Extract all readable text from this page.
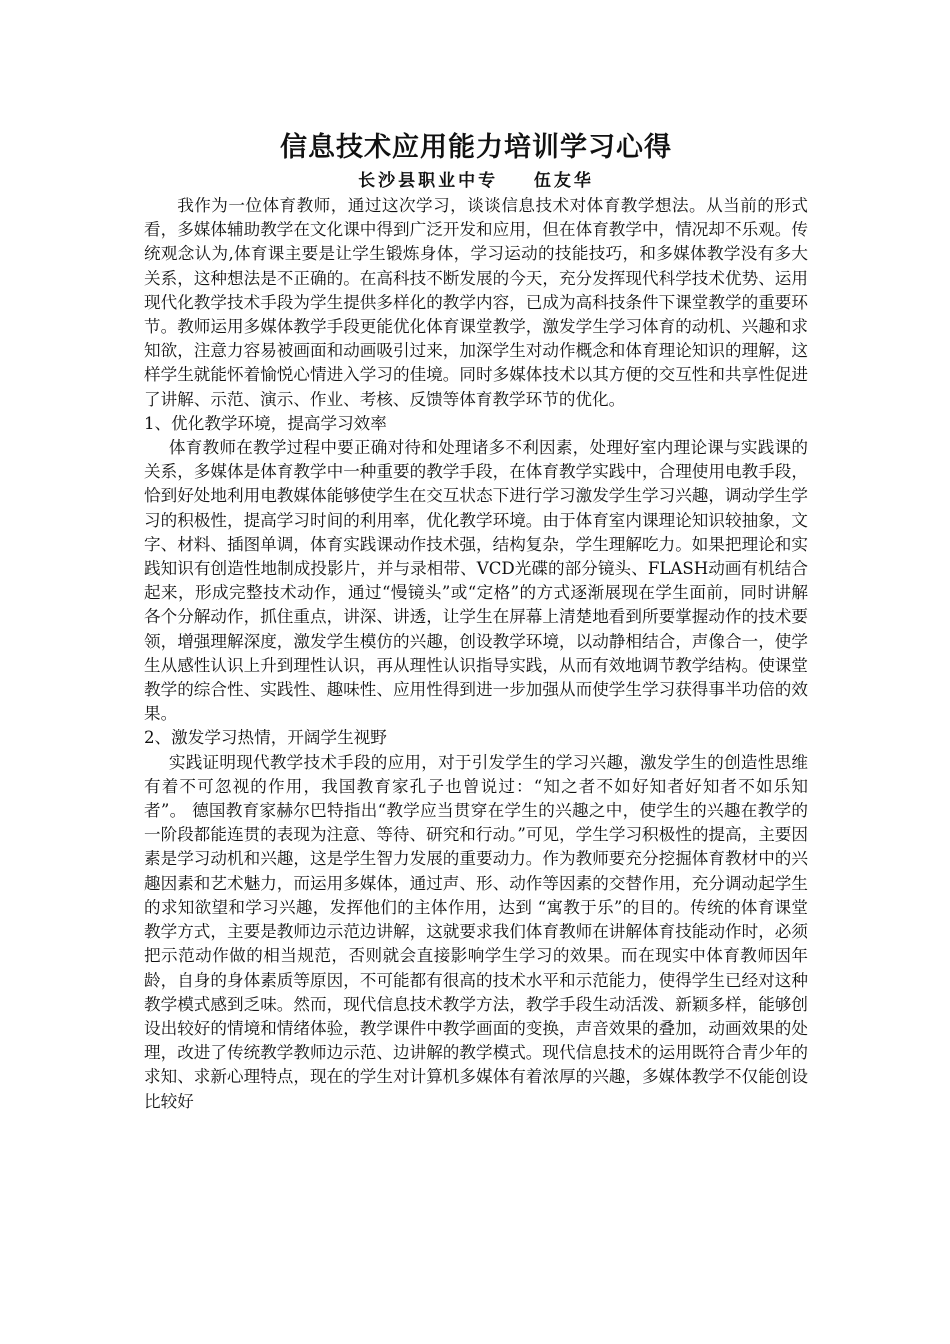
信息技术应用能力培训学习心得

长沙县职业中专    伍友华

我作为一位体育教师，通过这次学习，谈谈信息技术对体育教学想法。从当前的形式看，多媒体辅助教学在文化课中得到广泛开发和应用，但在体育教学中，情况却不乐观。传统观念认为,体育课主要是让学生锻炼身体，学习运动的技能技巧，和多媒体教学没有多大关系，这种想法是不正确的。在高科技不断发展的今天，充分发挥现代科学技术优势、运用现代化教学技术手段为学生提供多样化的教学内容，已成为高科技条件下课堂教学的重要环节。教师运用多媒体教学手段更能优化体育课堂教学，激发学生学习体育的动机、兴趣和求知欲，注意力容易被画面和动画吸引过来，加深学生对动作概念和体育理论知识的理解，这样学生就能怀着愉悦心情进入学习的佳境。同时多媒体技术以其方便的交互性和共享性促进了讲解、示范、演示、作业、考核、反馈等体育教学环节的优化。

1、优化教学环境，提高学习效率

体育教师在教学过程中要正确对待和处理诸多不利因素，处理好室内理论课与实践课的关系，多媒体是体育教学中一种重要的教学手段，在体育教学实践中，合理使用电教手段，恰到好处地利用电教媒体能够使学生在交互状态下进行学习激发学生学习兴趣，调动学生学习的积极性，提高学习时间的利用率，优化教学环境。由于体育室内课理论知识较抽象，文字、材料、插图单调，体育实践课动作技术强，结构复杂，学生理解吃力。如果把理论和实践知识有创造性地制成投影片，并与录相带、VCD光碟的部分镜头、FLASH动画有机结合起来，形成完整技术动作，通过“慢镜头”或“定格”的方式逐渐展现在学生面前，同时讲解各个分解动作，抓住重点，讲深、讲透，让学生在屏幕上清楚地看到所要掌握动作的技术要领，增强理解深度，激发学生模仿的兴趣，创设教学环境，以动静相结合，声像合一，使学生从感性认识上升到理性认识，再从理性认识指导实践，从而有效地调节教学结构。使课堂教学的综合性、实践性、趣味性、应用性得到进一步加强从而使学生学习获得事半功倍的效果。

2、激发学习热情，开阔学生视野

实践证明现代教学技术手段的应用，对于引发学生的学习兴趣，激发学生的创造性思维有着不可忽视的作用，我国教育家孔子也曾说过：“知之者不如好知者好知者不如乐知者”。 德国教育家赫尔巴特指出“教学应当贯穿在学生的兴趣之中，使学生的兴趣在教学的一阶段都能连贯的表现为注意、等待、研究和行动。”可见，学生学习积极性的提高，主要因素是学习动机和兴趣，这是学生智力发展的重要动力。作为教师要充分挖掘体育教材中的兴趣因素和艺术魅力，而运用多媒体，通过声、形、动作等因素的交替作用，充分调动起学生的求知欲望和学习兴趣，发挥他们的主体作用，达到 “寓教于乐”的目的。传统的体育课堂教学方式，主要是教师边示范边讲解，这就要求我们体育教师在讲解体育技能动作时，必须把示范动作做的相当规范，否则就会直接影响学生学习的效果。而在现实中体育教师因年龄，自身的身体素质等原因，不可能都有很高的技术水平和示范能力，使得学生已经对这种教学模式感到乏味。然而，现代信息技术教学方法，教学手段生动活泼、新颖多样，能够创设出较好的情境和情绪体验，教学课件中教学画面的变换，声音效果的叠加，动画效果的处理，改进了传统教学教师边示范、边讲解的教学模式。现代信息技术的运用既符合青少年的求知、求新心理特点，现在的学生对计算机多媒体有着浓厚的兴趣，多媒体教学不仅能创设比较好
